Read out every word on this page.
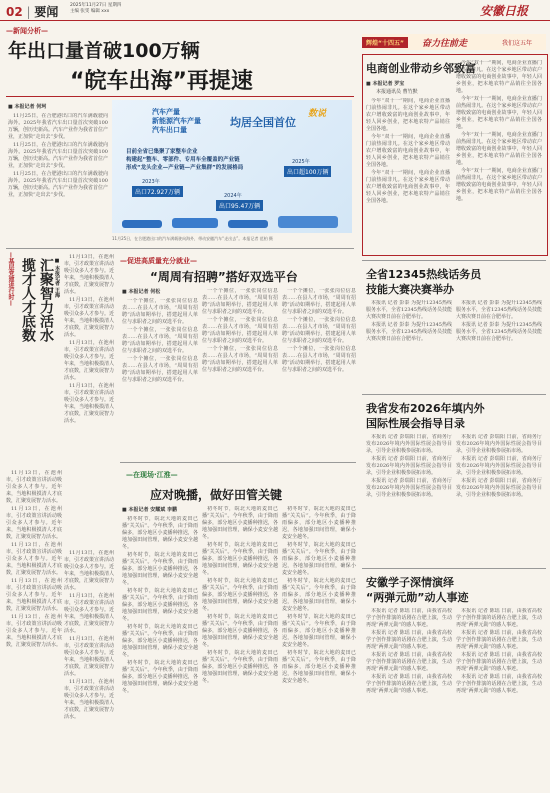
02 | 要闻	2025年11月27日 星期四
主编 张雯 编辑 xxx	安徽日报
—新闻分析—
年出口量首破100万辆
“皖车出海”再提速
■ 本报记者 何珂

11月25日，在合肥港出口的汽车满载驶向海外。2025年我省汽车出口量首次突破100万辆，创历史新高。汽车产业作为我省首位产业，正加快“走出去”步伐。

11月25日，在合肥港出口的汽车满载驶向海外。2025年我省汽车出口量首次突破100万辆，创历史新高。汽车产业作为我省首位产业，正加快“走出去”步伐。

11月25日，在合肥港出口的汽车满载驶向海外。2025年我省汽车出口量首次突破100万辆，创历史新高。汽车产业作为我省首位产业，正加快“走出去”步伐。

汽车产量
新能源汽车产量
汽车出口量
均居全国首位
数说
目前全省已集聚了家整车企业
构建起“整车、零部件、专用车全覆盖的产业链
形成“龙头企业—产业链—产业集群”的发展格局
2023年
出口72.927万辆	2024年
出口95.47万辆
2025年
出口超100万辆
11月25日，在合肥港出口的汽车满载驶向海外，带动安徽汽车“走出去”。本报记者 范柏 摄
辉煌“十四五”	奋力往前走	我们这五年
电商创业带动乡邻致富
■ 本报记者 罗宝
本报通讯员 曹竹默

今年“双十一”期间，电商企业直播门前热闹非凡。在这个家乡地区带动农户增收致富的电商创业故事中，年轻人回乡创业，把本地农特产品销往全国各地。

今年“双十一”期间，电商企业直播门前热闹非凡。在这个家乡地区带动农户增收致富的电商创业故事中，年轻人回乡创业，把本地农特产品销往全国各地。

今年“双十一”期间，电商企业直播门前热闹非凡。在这个家乡地区带动农户增收致富的电商创业故事中，年轻人回乡创业，把本地农特产品销往全国各地。

今年“双十一”期间，电商企业直播门前热闹非凡。在这个家乡地区带动农户增收致富的电商创业故事中，年轻人回乡创业，把本地农特产品销往全国各地。

今年“双十一”期间，电商企业直播门前热闹非凡。在这个家乡地区带动农户增收致富的电商创业故事中，年轻人回乡创业，把本地农特产品销往全国各地。

今年“双十一”期间，电商企业直播门前热闹非凡。在这个家乡地区带动农户增收致富的电商创业故事中，年轻人回乡创业，把本地农特产品销往全国各地。

今年“双十一”期间，电商企业直播门前热闹非凡。在这个家乡地区带动农户增收致富的电商创业故事中，年轻人回乡创业，把本地农特产品销往全国各地。

—基层党建进行时— 揽才人才底数 汇聚智力活水 ■ 本报记者 王海

11月13日，在池州市，引才政策宣讲活动吸引众多人才参与。近年来，当地积极摸清人才底数，汇聚发展智力活水。

11月13日，在池州市，引才政策宣讲活动吸引众多人才参与。近年来，当地积极摸清人才底数，汇聚发展智力活水。

11月13日，在池州市，引才政策宣讲活动吸引众多人才参与。近年来，当地积极摸清人才底数，汇聚发展智力活水。

11月13日，在池州市，引才政策宣讲活动吸引众多人才参与。近年来，当地积极摸清人才底数，汇聚发展智力活水。

11月13日，在池州市，引才政策宣讲活动吸引众多人才参与。近年来，当地积极摸清人才底数，汇聚发展智力活水。

11月13日，在池州市，引才政策宣讲活动吸引众多人才参与。近年来，当地积极摸清人才底数，汇聚发展智力活水。

11月13日，在池州市，引才政策宣讲活动吸引众多人才参与。近年来，当地积极摸清人才底数，汇聚发展智力活水。

11月13日，在池州市，引才政策宣讲活动吸引众多人才参与。近年来，当地积极摸清人才底数，汇聚发展智力活水。

11月13日，在池州市，引才政策宣讲活动吸引众多人才参与。近年来，当地积极摸清人才底数，汇聚发展智力活水。

11月13日，在池州市，引才政策宣讲活动吸引众多人才参与。近年来，当地积极摸清人才底数，汇聚发展智力活水。

11月13日，在池州市，引才政策宣讲活动吸引众多人才参与。近年来，当地积极摸清人才底数，汇聚发展智力活水。

11月13日，在池州市，引才政策宣讲活动吸引众多人才参与。近年来，当地积极摸清人才底数，汇聚发展智力活水。

11月13日，在池州市，引才政策宣讲活动吸引众多人才参与。近年来，当地积极摸清人才底数，汇聚发展智力活水。

—促进高质量充分就业—
“周周有招聘”搭好双选平台
■ 本报记者 何松

一个个摊位，一张张岗位信息表……在县人才市场，“周周有招聘”活动如期举行，搭建起用人单位与求职者之间的双选平台。

一个个摊位，一张张岗位信息表……在县人才市场，“周周有招聘”活动如期举行，搭建起用人单位与求职者之间的双选平台。

一个个摊位，一张张岗位信息表……在县人才市场，“周周有招聘”活动如期举行，搭建起用人单位与求职者之间的双选平台。

一个个摊位，一张张岗位信息表……在县人才市场，“周周有招聘”活动如期举行，搭建起用人单位与求职者之间的双选平台。

一个个摊位，一张张岗位信息表……在县人才市场，“周周有招聘”活动如期举行，搭建起用人单位与求职者之间的双选平台。

一个个摊位，一张张岗位信息表……在县人才市场，“周周有招聘”活动如期举行，搭建起用人单位与求职者之间的双选平台。

一个个摊位，一张张岗位信息表……在县人才市场，“周周有招聘”活动如期举行，搭建起用人单位与求职者之间的双选平台。

一个个摊位，一张张岗位信息表……在县人才市场，“周周有招聘”活动如期举行，搭建起用人单位与求职者之间的双选平台。

一个个摊位，一张张岗位信息表……在县人才市场，“周周有招聘”活动如期举行，搭建起用人单位与求职者之间的双选平台。

—在现场·江淮—
应对晚播，做好田管关键
■ 本报记者 安耀斌 李鹏

初冬时节，皖北大地的麦田已播“关关后”。今年秋季，由于降雨偏多，部分地区小麦播种推迟，各地加强田间管理，确保小麦安全越冬。

初冬时节，皖北大地的麦田已播“关关后”。今年秋季，由于降雨偏多，部分地区小麦播种推迟，各地加强田间管理，确保小麦安全越冬。

初冬时节，皖北大地的麦田已播“关关后”。今年秋季，由于降雨偏多，部分地区小麦播种推迟，各地加强田间管理，确保小麦安全越冬。

初冬时节，皖北大地的麦田已播“关关后”。今年秋季，由于降雨偏多，部分地区小麦播种推迟，各地加强田间管理，确保小麦安全越冬。

初冬时节，皖北大地的麦田已播“关关后”。今年秋季，由于降雨偏多，部分地区小麦播种推迟，各地加强田间管理，确保小麦安全越冬。

初冬时节，皖北大地的麦田已播“关关后”。今年秋季，由于降雨偏多，部分地区小麦播种推迟，各地加强田间管理，确保小麦安全越冬。

初冬时节，皖北大地的麦田已播“关关后”。今年秋季，由于降雨偏多，部分地区小麦播种推迟，各地加强田间管理，确保小麦安全越冬。

初冬时节，皖北大地的麦田已播“关关后”。今年秋季，由于降雨偏多，部分地区小麦播种推迟，各地加强田间管理，确保小麦安全越冬。

初冬时节，皖北大地的麦田已播“关关后”。今年秋季，由于降雨偏多，部分地区小麦播种推迟，各地加强田间管理，确保小麦安全越冬。

初冬时节，皖北大地的麦田已播“关关后”。今年秋季，由于降雨偏多，部分地区小麦播种推迟，各地加强田间管理，确保小麦安全越冬。

初冬时节，皖北大地的麦田已播“关关后”。今年秋季，由于降雨偏多，部分地区小麦播种推迟，各地加强田间管理，确保小麦安全越冬。

初冬时节，皖北大地的麦田已播“关关后”。今年秋季，由于降雨偏多，部分地区小麦播种推迟，各地加强田间管理，确保小麦安全越冬。

初冬时节，皖北大地的麦田已播“关关后”。今年秋季，由于降雨偏多，部分地区小麦播种推迟，各地加强田间管理，确保小麦安全越冬。

初冬时节，皖北大地的麦田已播“关关后”。今年秋季，由于降雨偏多，部分地区小麦播种推迟，各地加强田间管理，确保小麦安全越冬。

初冬时节，皖北大地的麦田已播“关关后”。今年秋季，由于降雨偏多，部分地区小麦播种推迟，各地加强田间管理，确保小麦安全越冬。

全省12345热线话务员
技能大赛决赛举办

本报讯 记者 彭泰 为提升12345热线服务水平，全省12345热线话务员技能大赛决赛日前在合肥举行。

本报讯 记者 彭泰 为提升12345热线服务水平，全省12345热线话务员技能大赛决赛日前在合肥举行。

本报讯 记者 彭泰 为提升12345热线服务水平，全省12345热线话务员技能大赛决赛日前在合肥举行。

本报讯 记者 彭泰 为提升12345热线服务水平，全省12345热线话务员技能大赛决赛日前在合肥举行。

我省发布2026年填内外
国际性展会指导目录

本报讯 记者 彭瑞阳 日前，省商务厅发布2026年境内外国际性展会指导目录，引导企业积极参展拓市场。

本报讯 记者 彭瑞阳 日前，省商务厅发布2026年境内外国际性展会指导目录，引导企业积极参展拓市场。

本报讯 记者 彭瑞阳 日前，省商务厅发布2026年境内外国际性展会指导目录，引导企业积极参展拓市场。

本报讯 记者 彭瑞阳 日前，省商务厅发布2026年境内外国际性展会指导目录，引导企业积极参展拓市场。

本报讯 记者 彭瑞阳 日前，省商务厅发布2026年境内外国际性展会指导目录，引导企业积极参展拓市场。

本报讯 记者 彭瑞阳 日前，省商务厅发布2026年境内外国际性展会指导目录，引导企业积极参展拓市场。

安徽学子深情演绎
“两弹元勋”动人事迹

本报讯 记者 陈瑶 日前，由我省高校学子创作排演的话剧在合肥上演，生动再现“两弹元勋”的感人事迹。

本报讯 记者 陈瑶 日前，由我省高校学子创作排演的话剧在合肥上演，生动再现“两弹元勋”的感人事迹。

本报讯 记者 陈瑶 日前，由我省高校学子创作排演的话剧在合肥上演，生动再现“两弹元勋”的感人事迹。

本报讯 记者 陈瑶 日前，由我省高校学子创作排演的话剧在合肥上演，生动再现“两弹元勋”的感人事迹。

本报讯 记者 陈瑶 日前，由我省高校学子创作排演的话剧在合肥上演，生动再现“两弹元勋”的感人事迹。

本报讯 记者 陈瑶 日前，由我省高校学子创作排演的话剧在合肥上演，生动再现“两弹元勋”的感人事迹。

本报讯 记者 陈瑶 日前，由我省高校学子创作排演的话剧在合肥上演，生动再现“两弹元勋”的感人事迹。

本报讯 记者 陈瑶 日前，由我省高校学子创作排演的话剧在合肥上演，生动再现“两弹元勋”的感人事迹。
